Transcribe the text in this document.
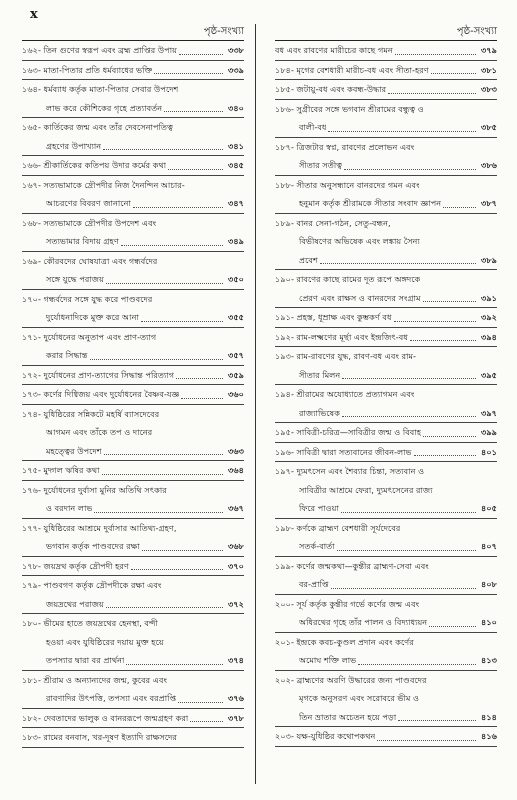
x
পৃষ্ঠ-সংখ্যা
১৬২- তিন গুণের স্বরূপ এবং ব্রহ্ম প্রাপ্তির উপায়	৩৩৮
১৬৩- মাতা-পিতার প্রতি ধর্মব্যাধের ভক্তি	৩৩৯
১৬৪- ধর্মব্যাধ কর্তৃক মাতা-পিতার সেবার উপদেশ
লাভ করে কৌশিকের গৃহে প্রত্যাবর্তন	৩৪০
১৬৫- কার্তিকের জন্ম এবং তাঁর দেবসেনাপতিত্ব
গ্রহণের উপাখ্যান	৩৪১
১৬৬- শ্রীকার্তিকের কতিপয় উদার কর্মের কথা	৩৪৫
১৬৭- সত্যভামাকে দ্রৌপদীর নিজ দৈনন্দিন আচার-
আচরণের বিবরণ জানানো	৩৪৭
১৬৮- সত্যভামাকে দ্রৌপদীর উপদেশ এবং
সত্যভামার বিদায় গ্রহণ	৩৪৯
১৬৯- কৌরবদের ঘোষযাত্রা এবং গন্ধর্বদের
সঙ্গে যুদ্ধে পরাজয়	৩৫০
১৭০- গন্ধর্বদের সঙ্গে যুদ্ধ করে পাণ্ডবদের
দুর্যোধনাদিকে মুক্ত করে আনা	৩৫৫
১৭১- দুর্যোধনের অনুতাপ এবং প্রাণ-ত্যাগ
করার সিদ্ধান্ত	৩৫৭
১৭২- দুর্যোধনের প্রাণ-ত্যাগের সিদ্ধান্ত পরিত্যাগ	৩৫৯
১৭৩- কর্ণের দিগ্বিজয় এবং দুর্যোধনের বৈষ্ণব-যজ্ঞ	৩৬০
১৭৪- যুধিষ্ঠিরের সন্নিকটে মহর্ষি ব্যাসদেবের
আগমন এবং তাঁকে তপ ও দানের
মহত্ত্বের উপদেশ	৩৬৩
১৭৫- মুদ্গল ঋষির কথা	৩৬৪
১৭৬- দুর্যোধনের দুর্বাসা মুনির অতিথি সৎকার
ও বরদান লাভ	৩৬৭
১৭৭- যুধিষ্ঠিরের আশ্রমে দুর্বাসার আতিথ্য-গ্রহণ,
ভগবান কর্তৃক পাণ্ডবদের রক্ষা	৩৬৮
১৭৮- জয়দ্রথ কর্তৃক দ্রৌপদী হরণ	৩৭০
১৭৯- পাণ্ডবগণ কর্তৃক দ্রৌপদীকে রক্ষা এবং
জয়দ্রথের পরাজয়	৩৭২
১৮০- ভীমের হাতে জয়দ্রথের হেনস্থা, বন্দী
হওয়া এবং যুধিষ্ঠিরের দয়ায় মুক্ত হয়ে
তপস্যার দ্বারা বর প্রার্থনা	৩৭৪
১৮১- শ্রীরাম ও অন্যান্যদের জন্ম, কুবের এবং
রাবণাদির উৎপত্তি, তপস্যা এবং বরপ্রাপ্তি	৩৭৬
১৮২- দেবতাদের ভালুক ও বানররূপে জন্মগ্রহণ করা	৩৭৮
১৮৩- রামের বনবাস, খর-দূষণ ইত্যাদি রাক্ষসদের
পৃষ্ঠ-সংখ্যা
বধ এবং রাবণের মারীচের কাছে গমন	৩৭৯
১৮৪- মৃগের বেশধারী মারীচ-বধ এবং সীতা-হরণ	৩৮১
১৮৫- জটায়ু-বধ এবং কবন্ধ-উদ্ধার	৩৮৩
১৮৬- সুগ্রীবের সঙ্গে ভগবান শ্রীরামের বন্ধুত্ব ও
বালী-বধ	৩৮৫
১৮৭- ত্রিজটার স্বপ্ন, রাবণের প্রলোভন এবং
সীতার সতীত্ব	৩৮৬
১৮৮- সীতার অনুসন্ধানে বানরদের গমন এবং
হনুমান কর্তৃক শ্রীরামকে সীতার সংবাদ জ্ঞাপন	৩৮৭
১৮৯- বানর সেনা-গঠন, সেতু-বন্ধন,
বিভীষণের অভিষেক এবং লঙ্কায় সৈন্য
প্রবেশ	৩৮৯
১৯০- রাবণের কাছে রামের দূত রূপে অঙ্গদকে
প্রেরণ এবং রাক্ষস ও বানরদের সংগ্রাম	৩৯১
১৯১- প্রহস্ত, ধূম্রাক্ষ এবং কুম্ভকর্ণ বধ	৩৯২
১৯২- রাম-লক্ষ্মণের মূর্ছা এবং ইন্দ্রজিৎ-বধ	৩৯৪
১৯৩- রাম-রাবণের যুদ্ধ, রাবণ-বধ এবং রাম-
সীতার মিলন	৩৯৫
১৯৪- শ্রীরামের অযোধ্যাতে প্রত্যাগমন এবং
রাজ্যাভিষেক	৩৯৭
১৯৫- সাবিত্রী-চরিত্র—সাবিত্রীর জন্ম ও বিবাহ	৩৯৯
১৯৬- সাবিত্রী দ্বারা সত্যবানের জীবন-লাভ	৪০১
১৯৭- দ্যুমৎসেন এবং শৈব্যার চিন্তা, সত্যবান ও
সাবিত্রীর আশ্রমে ফেরা, দ্যুমৎসেনের রাজ্য
ফিরে পাওয়া	৪০৫
১৯৮- কর্ণকে ব্রাহ্মণ বেশধারী সূর্যদেবের
সতর্ক-বার্তা	৪০৭
১৯৯- কর্ণের জন্মকথা—কুন্তীর ব্রাহ্মণ-সেবা এবং
বর-প্রাপ্তি	৪০৮
২০০- সূর্য কর্তৃক কুন্তীর গর্ভে কর্ণের জন্ম এবং
অধিরথের গৃহে তাঁর পালন ও বিদ্যাধ্যয়ন	৪১০
২০১- ইন্দ্রকে কবচ-কুণ্ডল প্রদান এবং কর্ণের
অমোঘ শক্তি লাভ	৪১৩
২০২- ব্রাহ্মণের অরণি উদ্ধারের জন্য পাণ্ডবদের
মৃগকে অনুসরণ এবং সরোবরে ভীম ও
তিন ভ্রাতার অচেতন হয়ে পড়া	৪১৪
২০৩- যক্ষ-যুধিষ্ঠির কথোপকথন	৪১৬
